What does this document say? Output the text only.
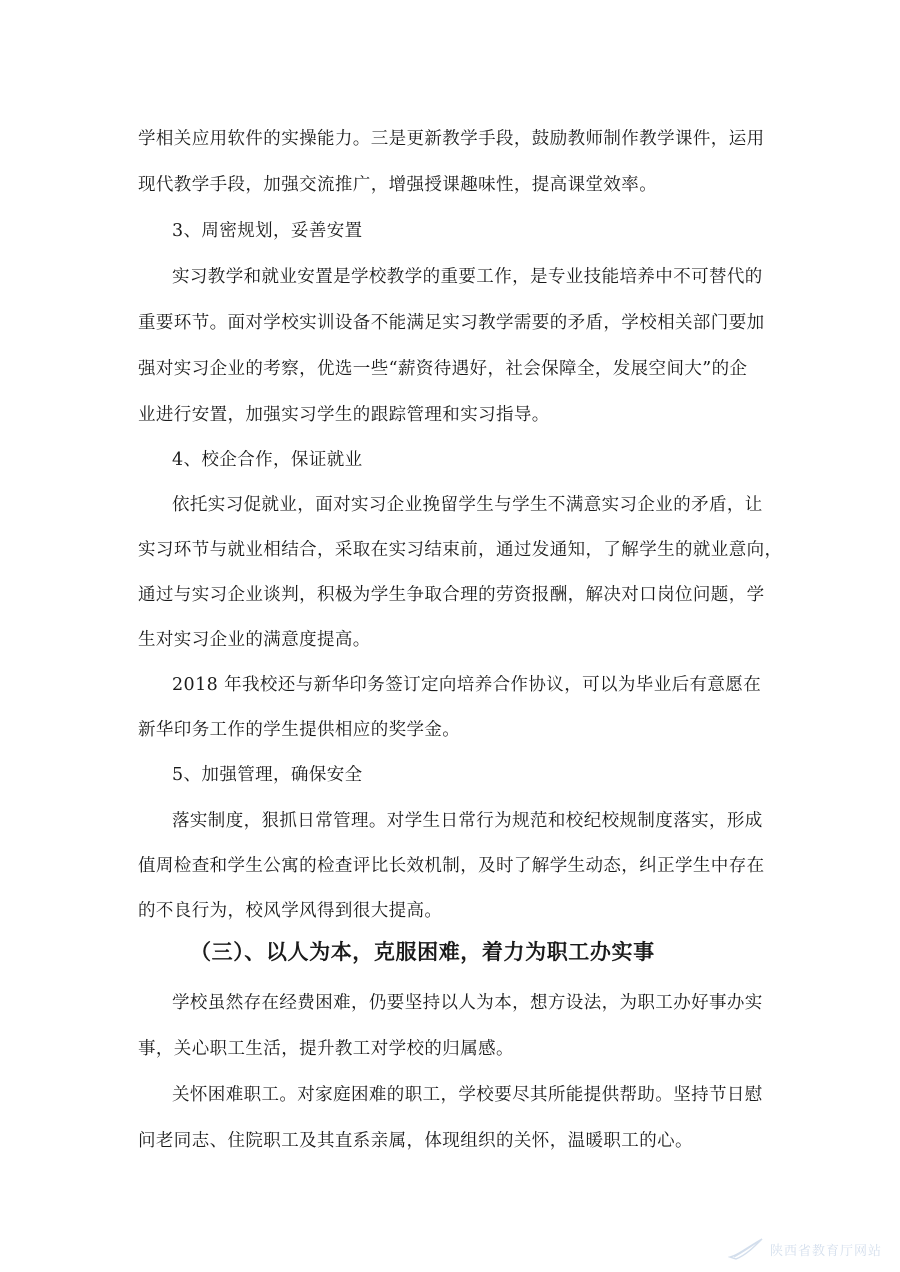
学相关应用软件的实操能力。三是更新教学手段，鼓励教师制作教学课件，运用
现代教学手段，加强交流推广，增强授课趣味性，提高课堂效率。
3、周密规划，妥善安置
实习教学和就业安置是学校教学的重要工作，是专业技能培养中不可替代的
重要环节。面对学校实训设备不能满足实习教学需要的矛盾，学校相关部门要加
强对实习企业的考察，优选一些“薪资待遇好，社会保障全，发展空间大”的企
业进行安置，加强实习学生的跟踪管理和实习指导。
4、校企合作，保证就业
依托实习促就业，面对实习企业挽留学生与学生不满意实习企业的矛盾，让
实习环节与就业相结合，采取在实习结束前，通过发通知，了解学生的就业意向，
通过与实习企业谈判，积极为学生争取合理的劳资报酬，解决对口岗位问题，学
生对实习企业的满意度提高。
2018 年我校还与新华印务签订定向培养合作协议，可以为毕业后有意愿在
新华印务工作的学生提供相应的奖学金。
5、加强管理，确保安全
落实制度，狠抓日常管理。对学生日常行为规范和校纪校规制度落实，形成
值周检查和学生公寓的检查评比长效机制，及时了解学生动态，纠正学生中存在
的不良行为，校风学风得到很大提高。
（三）、以人为本，克服困难，着力为职工办实事
学校虽然存在经费困难，仍要坚持以人为本，想方设法，为职工办好事办实
事，关心职工生活，提升教工对学校的归属感。
关怀困难职工。对家庭困难的职工，学校要尽其所能提供帮助。坚持节日慰
问老同志、住院职工及其直系亲属，体现组织的关怀，温暖职工的心。
陕西省教育厅网站
